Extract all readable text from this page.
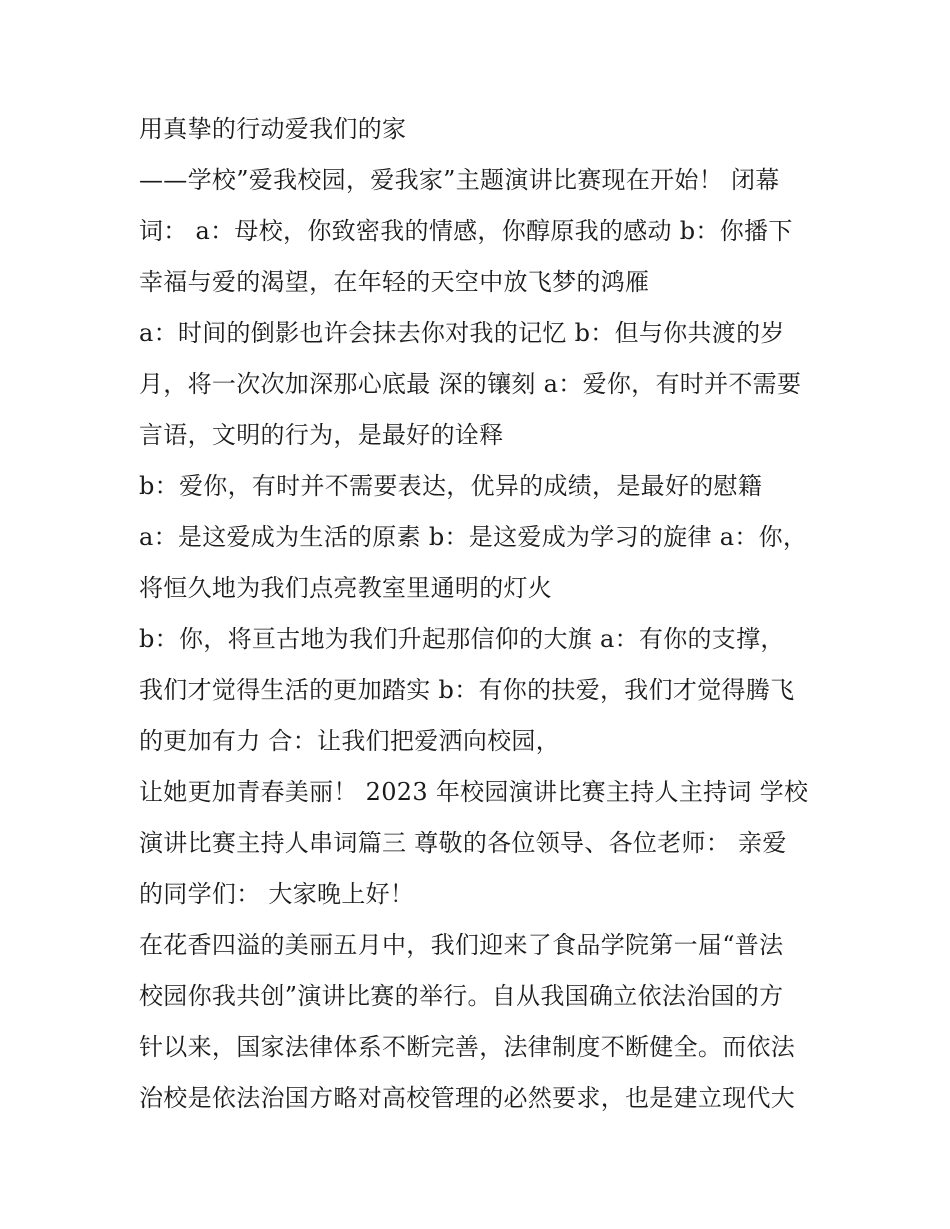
用真挚的行动爱我们的家
——学校”爱我校园，爱我家”主题演讲比赛现在开始！ 闭幕
词： a：母校，你致密我的情感，你醇原我的感动 b：你播下
幸福与爱的渴望，在年轻的天空中放飞梦的鸿雁
a：时间的倒影也许会抹去你对我的记忆 b：但与你共渡的岁
月，将一次次加深那心底最 深的镶刻 a：爱你，有时并不需要
言语，文明的行为，是最好的诠释
b：爱你，有时并不需要表达，优异的成绩，是最好的慰籍
a：是这爱成为生活的原素 b：是这爱成为学习的旋律 a：你，
将恒久地为我们点亮教室里通明的灯火
b：你，将亘古地为我们升起那信仰的大旗 a：有你的支撑，
我们才觉得生活的更加踏实 b：有你的扶爱，我们才觉得腾飞
的更加有力 合：让我们把爱洒向校园，
让她更加青春美丽！ 2023 年校园演讲比赛主持人主持词 学校
演讲比赛主持人串词篇三 尊敬的各位领导、各位老师： 亲爱
的同学们： 大家晚上好！
在花香四溢的美丽五月中，我们迎来了食品学院第一届“普法
校园你我共创”演讲比赛的举行。自从我国确立依法治国的方
针以来，国家法律体系不断完善，法律制度不断健全。而依法
治校是依法治国方略对高校管理的必然要求，也是建立现代大
